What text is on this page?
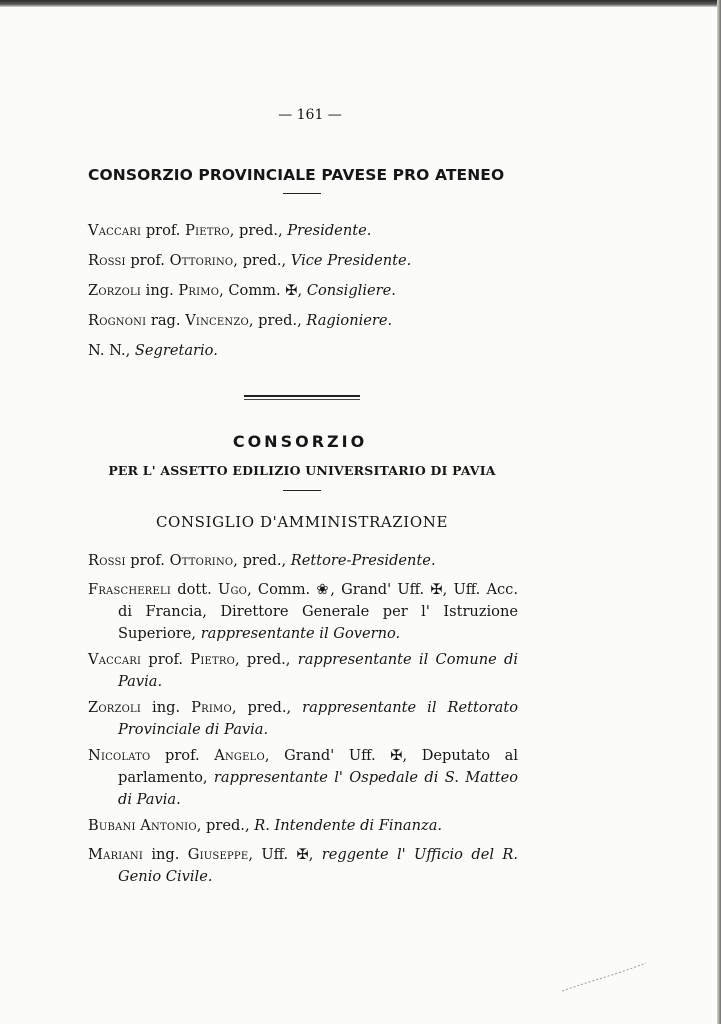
— 161 —
CONSORZIO PROVINCIALE PAVESE PRO ATENEO
Vaccari prof. Pietro, pred., Presidente.
Rossi prof. Ottorino, pred., Vice Presidente.
Zorzoli ing. Primo, Comm. ✠, Consigliere.
Rognoni rag. Vincenzo, pred., Ragioniere.
N. N., Segretario.
CONSORZIO
PER L' ASSETTO EDILIZIO UNIVERSITARIO DI PAVIA
CONSIGLIO D'AMMINISTRAZIONE
Rossi prof. Ottorino, pred., Rettore-Presidente.
Fraschereli dott. Ugo, Comm. ❀, Grand' Uff. ✠, Uff. Acc. di Francia, Direttore Generale per l' Istruzione Superiore, rappresentante il Governo.
Vaccari prof. Pietro, pred., rappresentante il Comune di Pavia.
Zorzoli ing. Primo, pred., rappresentante il Rettorato Provinciale di Pavia.
Nicolato prof. Angelo, Grand' Uff. ✠, Deputato al parlamento, rappresentante l' Ospedale di S. Matteo di Pavia.
Bubani Antonio, pred., R. Intendente di Finanza.
Mariani ing. Giuseppe, Uff. ✠, reggente l' Ufficio del R. Genio Civile.
